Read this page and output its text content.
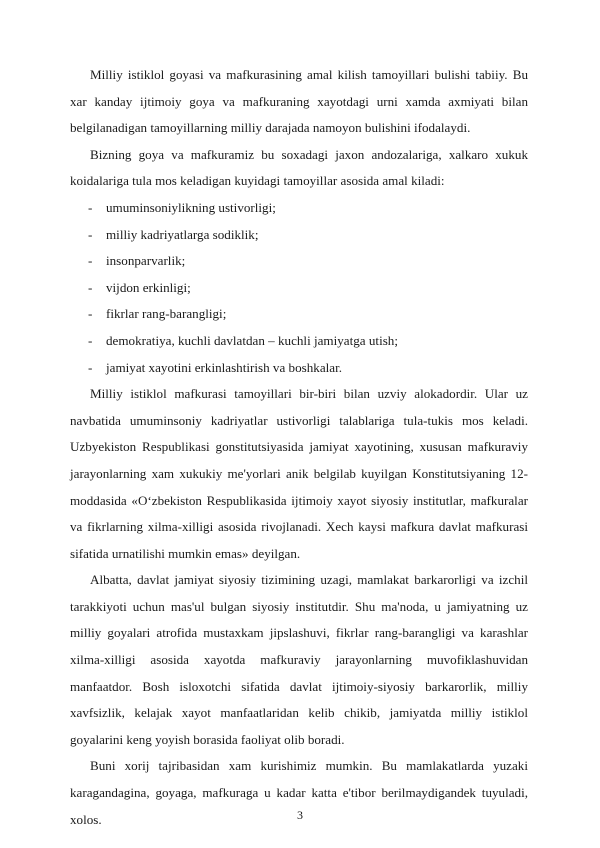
Milliy istiklol goyasi va mafkurasining amal kilish tamoyillari bulishi tabiiy. Bu xar kanday ijtimoiy goya va mafkuraning xayotdagi urni xamda axmiyati bilan belgilanadigan tamoyillarning milliy darajada namoyon bulishini ifodalaydi.

Bizning goya va mafkuramiz bu soxadagi jaxon andozalariga, xalkaro xukuk koidalariga tula mos keladigan kuyidagi tamoyillar asosida amal kiladi:

- umuminsoniylikning ustivorligi;
- milliy kadriyatlarga sodiklik;
- insonparvarlik;
- vijdon erkinligi;
- fikrlar rang-barangligi;
- demokratiya, kuchli davlatdan – kuchli jamiyatga utish;
- jamiyat xayotini erkinlashtirish va boshkalar.

Milliy istiklol mafkurasi tamoyillari bir-biri bilan uzviy alokadordir. Ular uz navbatida umuminsoniy kadriyatlar ustivorligi talablariga tula-tukis mos keladi. Uzbyekiston Respublikasi gonstitutsiyasida jamiyat xayotining, xususan mafkuraviy jarayonlarning xam xukukiy me'yorlari anik belgilab kuyilgan Konstitutsiyaning 12-moddasida «O‘zbekiston Respublikasida ijtimoiy xayot siyosiy institutlar, mafkuralar va fikrlarning xilma-xilligi asosida rivojlanadi. Xech kaysi mafkura davlat mafkurasi sifatida urnatilishi mumkin emas» deyilgan.

Albatta, davlat jamiyat siyosiy tizimining uzagi, mamlakat barkarorligi va izchil tarakkiyoti uchun mas'ul bulgan siyosiy institutdir. Shu ma'noda, u jamiyatning uz milliy goyalari atrofida mustaxkam jipslashuvi, fikrlar rang-barangligi va karashlar xilma-xilligi asosida xayotda mafkuraviy jarayonlarning muvofiklashuvidan manfaatdor. Bosh isloxotchi sifatida davlat ijtimoiy-siyosiy barkarorlik, milliy xavfsizlik, kelajak xayot manfaatlaridan kelib chikib, jamiyatda milliy istiklol goyalarini keng yoyish borasida faoliyat olib boradi.

Buni xorij tajribasidan xam kurishimiz mumkin. Bu mamlakatlarda yuzaki karagandagina, goyaga, mafkuraga u kadar katta e'tibor berilmaydigandek tuyuladi, xolos.	3
